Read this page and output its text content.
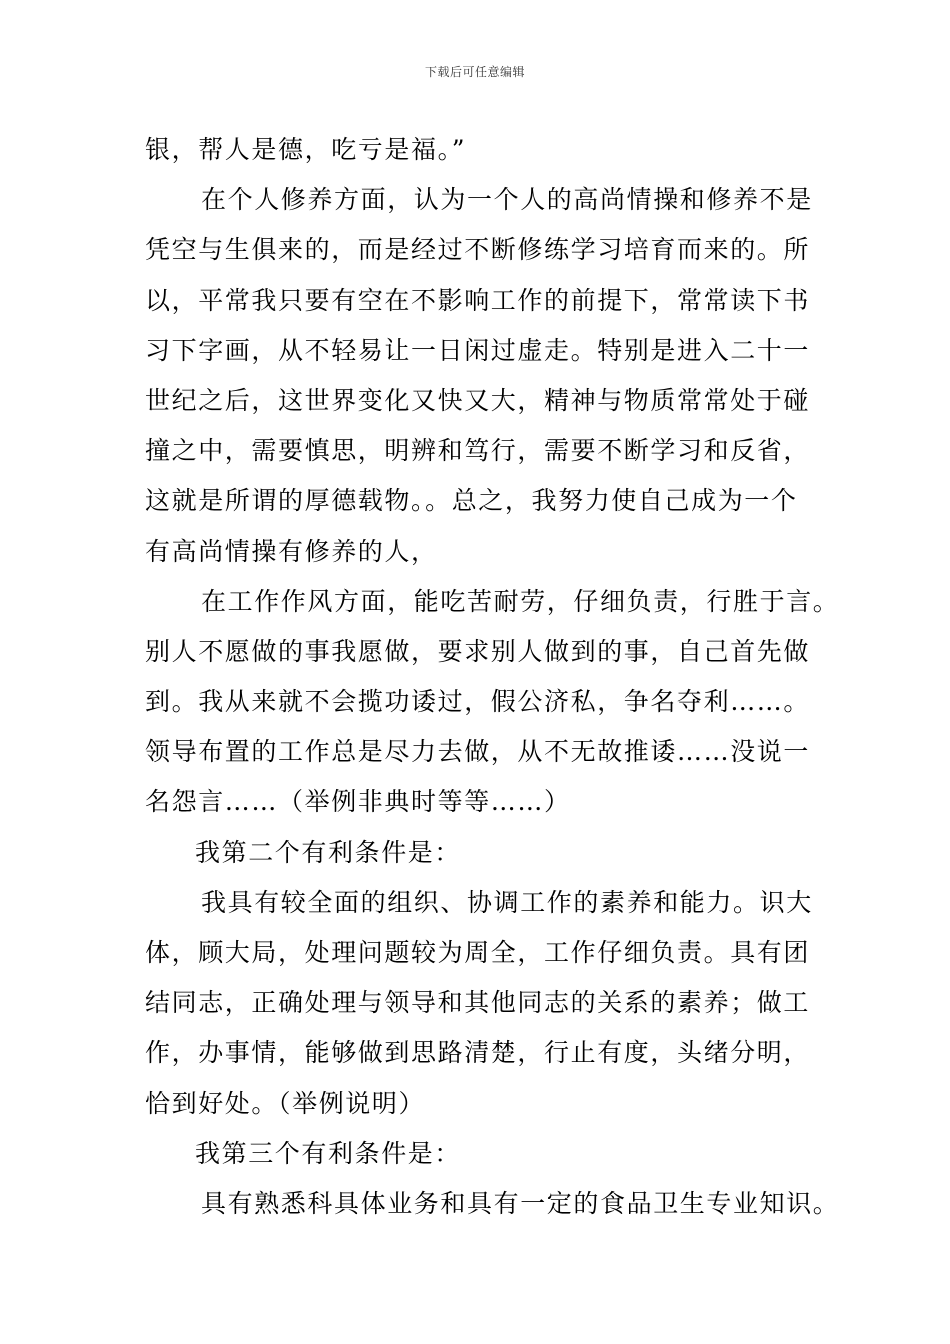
下载后可任意编辑
银，帮人是德，吃亏是福。”
在个人修养方面，认为一个人的高尚情操和修养不是
凭空与生俱来的，而是经过不断修练学习培育而来的。所
以，平常我只要有空在不影响工作的前提下，常常读下书
习下字画，从不轻易让一日闲过虚走。特别是进入二十一
世纪之后，这世界变化又快又大，精神与物质常常处于碰
撞之中，需要慎思，明辨和笃行，需要不断学习和反省，
这就是所谓的厚德载物。。总之，我努力使自己成为一个
有高尚情操有修养的人，
在工作作风方面，能吃苦耐劳，仔细负责，行胜于言。
别人不愿做的事我愿做，要求别人做到的事，自己首先做
到。我从来就不会揽功诿过，假公济私，争名夺利……。
领导布置的工作总是尽力去做，从不无故推诿……没说一
名怨言……（举例非典时等等……）
我第二个有利条件是：
我具有较全面的组织、协调工作的素养和能力。识大
体，顾大局，处理问题较为周全，工作仔细负责。具有团
结同志，正确处理与领导和其他同志的关系的素养；做工
作，办事情，能够做到思路清楚，行止有度，头绪分明，
恰到好处。（举例说明）
我第三个有利条件是：
具有熟悉科具体业务和具有一定的食品卫生专业知识。
